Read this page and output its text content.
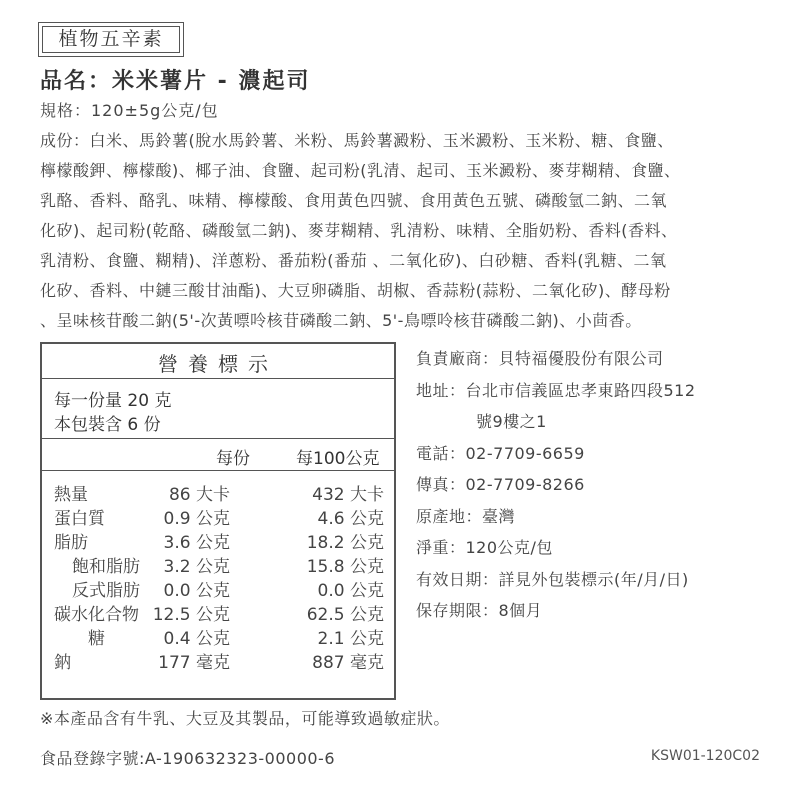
植物五辛素
品名：米米薯片 - 濃起司
規格：120±5g公克/包
成份：白米、馬鈴薯(脫水馬鈴薯、米粉、馬鈴薯澱粉、玉米澱粉、玉米粉、糖、食鹽、
檸檬酸鉀、檸檬酸)、椰子油、食鹽、起司粉(乳清、起司、玉米澱粉、麥芽糊精、食鹽、
乳酪、香料、酪乳、味精、檸檬酸、食用黃色四號、食用黃色五號、磷酸氫二鈉、二氧
化矽)、起司粉(乾酪、磷酸氫二鈉)、麥芽糊精、乳清粉、味精、全脂奶粉、香料(香料、
乳清粉、食鹽、糊精)、洋蔥粉、番茄粉(番茄 、二氧化矽)、白砂糖、香料(乳糖、二氧
化矽、香料、中鏈三酸甘油酯)、大豆卵磷脂、胡椒、香蒜粉(蒜粉、二氧化矽)、酵母粉
、呈味核苷酸二鈉(5'-次黃嘌呤核苷磷酸二鈉、5'-鳥嘌呤核苷磷酸二鈉)、小茴香。
營養標示
每一份量 20 克
本包裝含 6 份
每份	每100公克
熱量	86 大卡	432 大卡
蛋白質	0.9 公克	4.6 公克
脂肪	3.6 公克	18.2 公克
飽和脂肪 3.2 公克	15.8 公克
反式脂肪 0.0 公克	0.0 公克
碳水化合物 12.5 公克	62.5 公克
糖	0.4 公克	2.1 公克
鈉	177 毫克	887 毫克
負責廠商：貝特福優股份有限公司
地址：台北市信義區忠孝東路四段512
號9樓之1
電話：02-7709-6659
傳真：02-7709-8266
原產地：臺灣
淨重：120公克/包
有效日期：詳見外包裝標示(年/月/日)
保存期限：8個月
※本產品含有牛乳、大豆及其製品，可能導致過敏症狀。
食品登錄字號:A-190632323-00000-6	KSW01-120C02
